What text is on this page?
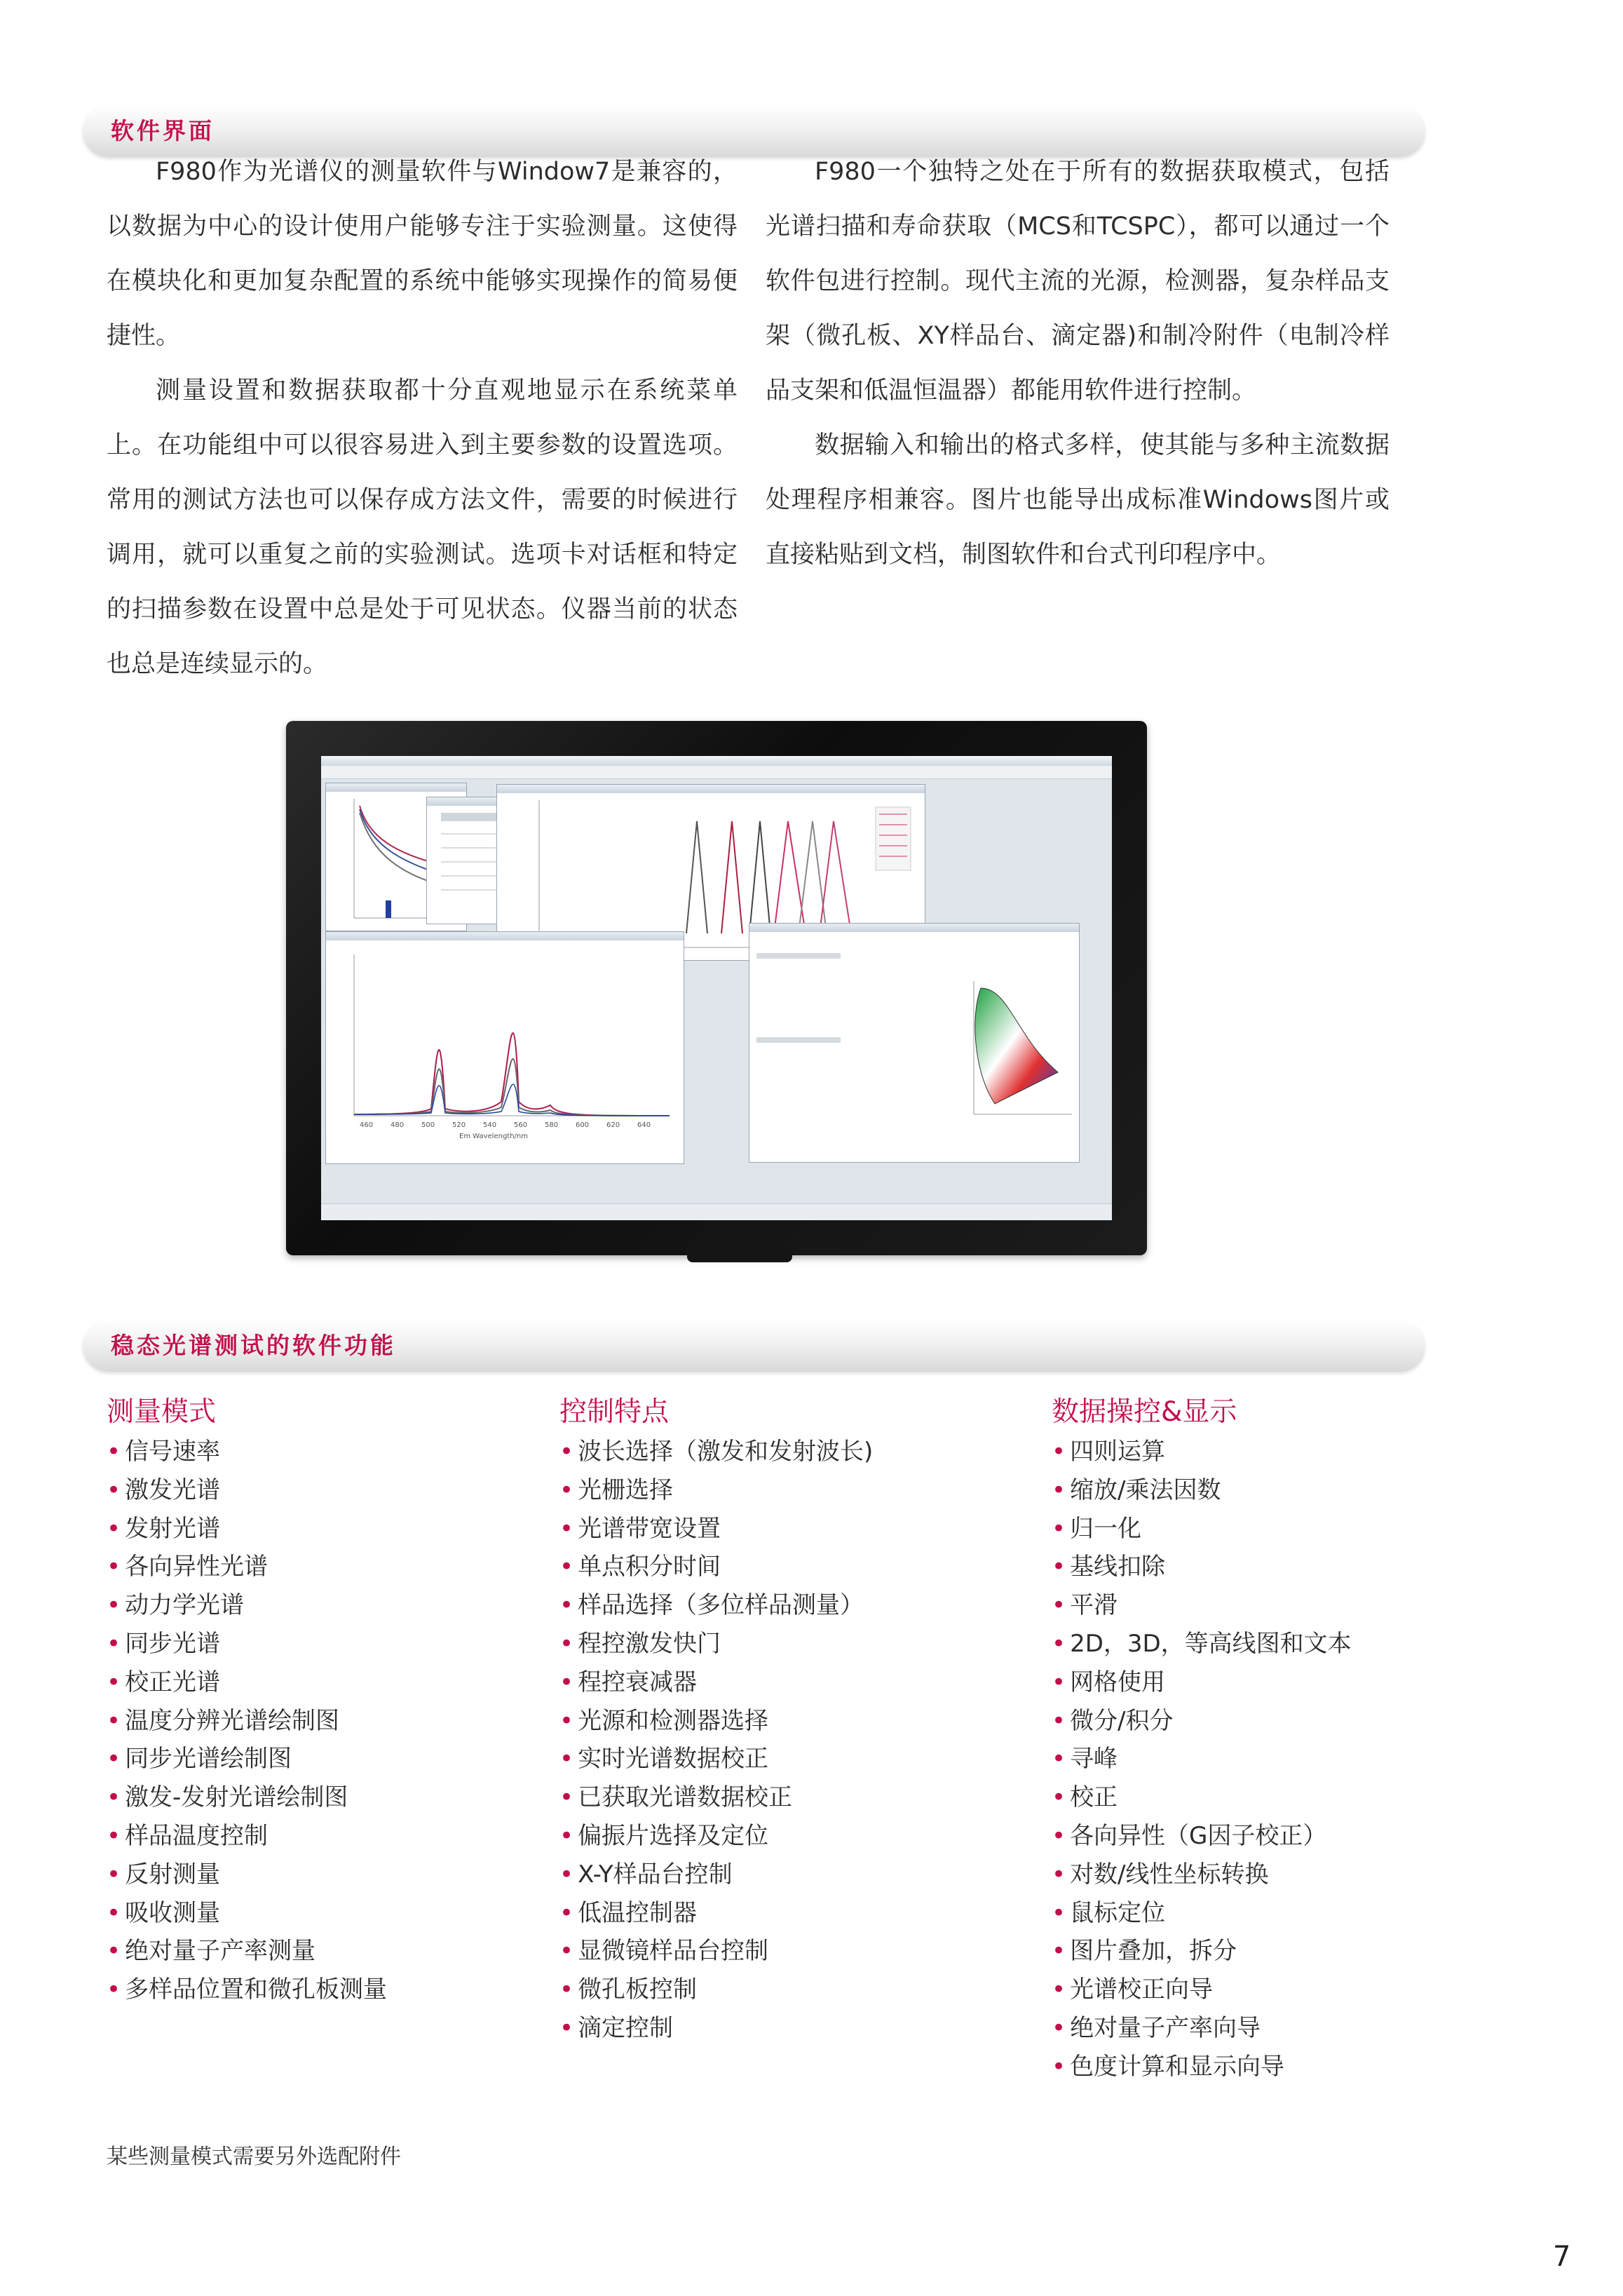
软件界面

F980作为光谱仪的测量软件与Window7是兼容的，以数据为中心的设计使用户能够专注于实验测量。这使得在模块化和更加复杂配置的系统中能够实现操作的简易便捷性。

测量设置和数据获取都十分直观地显示在系统菜单上。在功能组中可以很容易进入到主要参数的设置选项。常用的测试方法也可以保存成方法文件，需要的时候进行调用，就可以重复之前的实验测试。选项卡对话框和特定的扫描参数在设置中总是处于可见状态。仪器当前的状态也总是连续显示的。

F980一个独特之处在于所有的数据获取模式，包括光谱扫描和寿命获取（MCS和TCSPC），都可以通过一个软件包进行控制。现代主流的光源，检测器，复杂样品支架（微孔板、XY样品台、滴定器)和制冷附件（电制冷样品支架和低温恒温器）都能用软件进行控制。

数据输入和输出的格式多样，使其能与多种主流数据处理程序相兼容。图片也能导出成标准Windows图片或直接粘贴到文档，制图软件和台式刊印程序中。

460 480 500 520 540 560 580 600 620 640
Em Wavelength/nm
稳态光谱测试的软件功能
测量模式
• 信号速率
• 激发光谱
• 发射光谱
• 各向异性光谱
• 动力学光谱
• 同步光谱
• 校正光谱
• 温度分辨光谱绘制图
• 同步光谱绘制图
• 激发-发射光谱绘制图
• 样品温度控制
• 反射测量
• 吸收测量
• 绝对量子产率测量
• 多样品位置和微孔板测量
控制特点
• 波长选择（激发和发射波长)
• 光栅选择
• 光谱带宽设置
• 单点积分时间
• 样品选择（多位样品测量）
• 程控激发快门
• 程控衰减器
• 光源和检测器选择
• 实时光谱数据校正
• 已获取光谱数据校正
• 偏振片选择及定位
• X-Y样品台控制
• 低温控制器
• 显微镜样品台控制
• 微孔板控制
• 滴定控制
数据操控&显示
• 四则运算
• 缩放/乘法因数
• 归一化
• 基线扣除
• 平滑
• 2D，3D，等高线图和文本
• 网格使用
• 微分/积分
• 寻峰
• 校正
• 各向异性（G因子校正）
• 对数/线性坐标转换
• 鼠标定位
• 图片叠加，拆分
• 光谱校正向导
• 绝对量子产率向导
• 色度计算和显示向导
某些测量模式需要另外选配附件
7
